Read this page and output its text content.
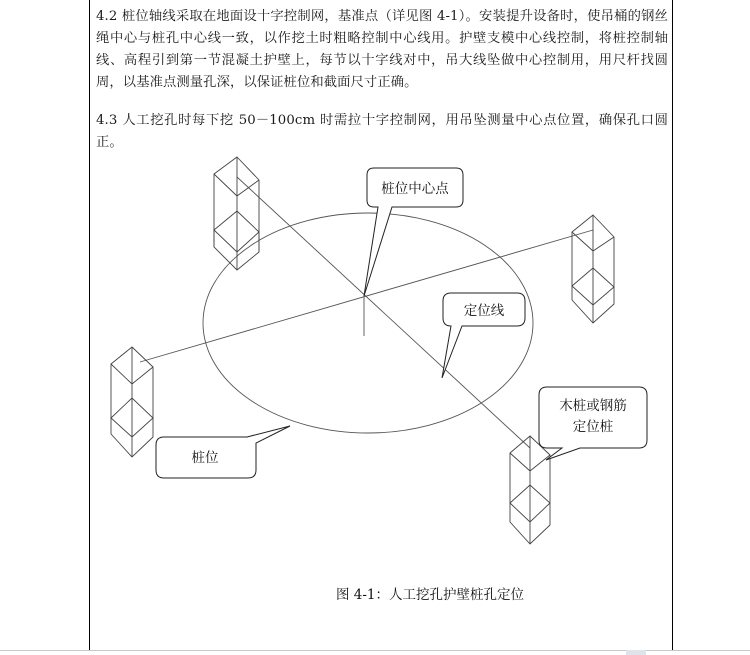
4.2 桩位轴线采取在地面设十字控制网，基准点（详见图 4-1）。安装提升设备时，使吊桶的钢丝绳中心与桩孔中心线一致，以作挖土时粗略控制中心线用。护壁支模中心线控制，将桩控制轴线、高程引到第一节混凝土护壁上，每节以十字线对中，吊大线坠做中心控制用，用尺杆找圆周，以基准点测量孔深，以保证桩位和截面尺寸正确。

4.3 人工挖孔时每下挖 50－100cm 时需拉十字控制网，用吊坠测量中心点位置，确保孔口圆正。

桩位中心点
定位线
木桩或钢筋
定位桩
桩位
图 4-1：人工挖孔护壁桩孔定位
